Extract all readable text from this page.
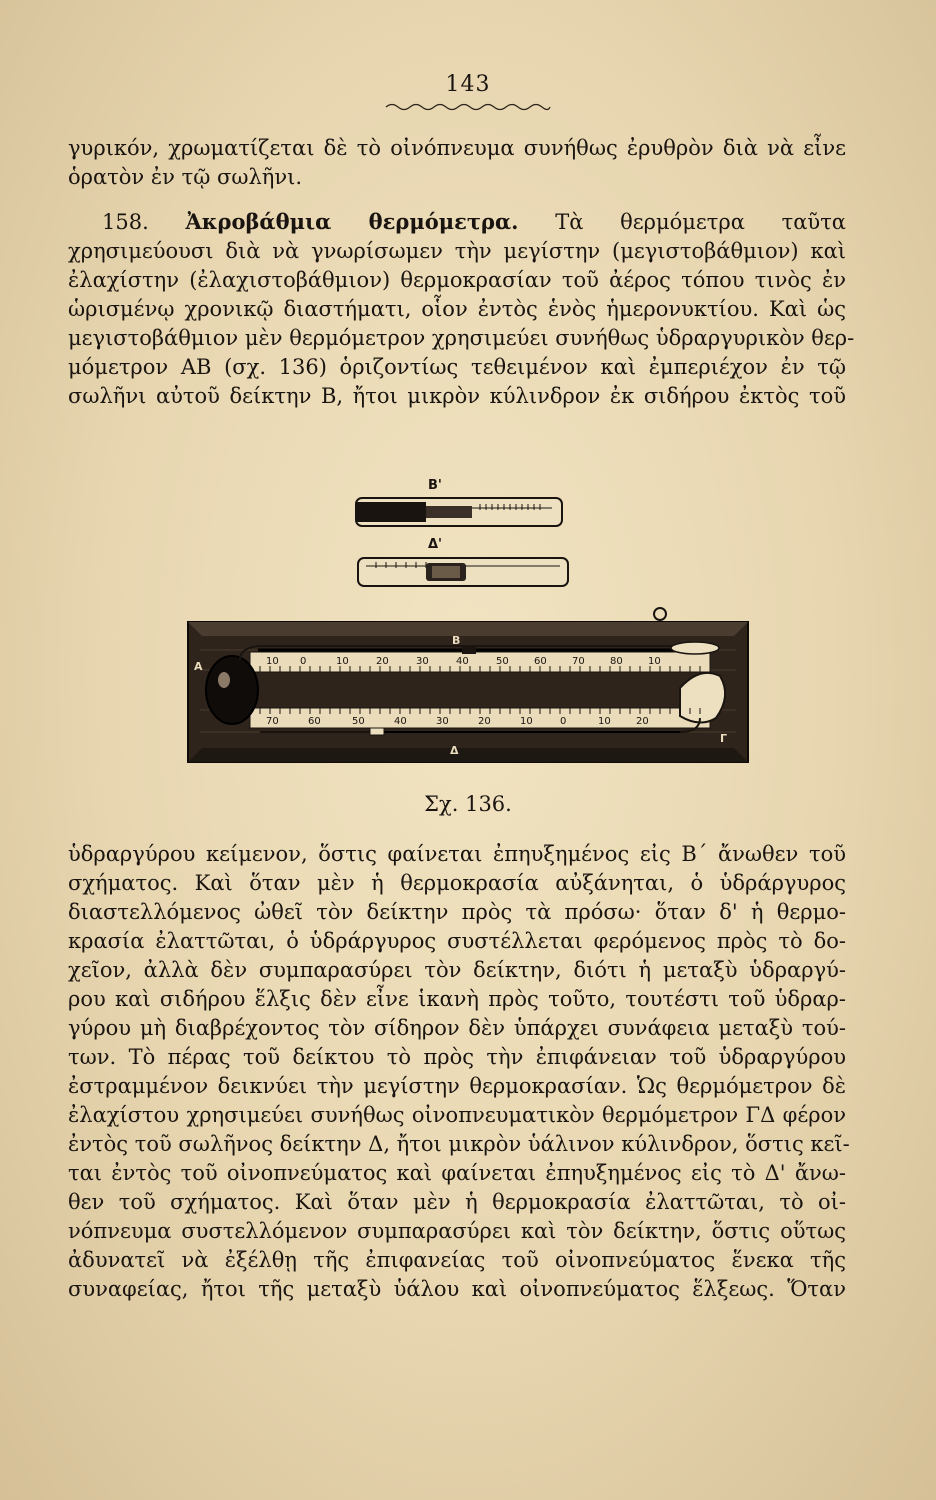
143
γυρικόν, χρωματίζεται δὲ τὸ οἰνόπνευμα συνήθως ἐρυθρὸν διὰ νὰ εἶνε
ὁρατὸν ἐν τῷ σωλῆνι.
158. Ἀκροβάθμια θερμόμετρα. Τὰ θερμόμετρα ταῦτα
χρησιμεύουσι διὰ νὰ γνωρίσωμεν τὴν μεγίστην (μεγιστοβάθμιον) καὶ
ἐλαχίστην (ἐλαχιστοβάθμιον) θερμοκρασίαν τοῦ ἀέρος τόπου τινὸς ἐν
ὡρισμένῳ χρονικῷ διαστήματι, οἷον ἐντὸς ἑνὸς ἡμερονυκτίου. Καὶ ὡς
μεγιστοβάθμιον μὲν θερμόμετρον χρησιμεύει συνήθως ὑδραργυρικὸν θερ-
μόμετρον ΑΒ (σχ. 136) ὁριζοντίως τεθειμένον καὶ ἐμπεριέχον ἐν τῷ
σωλῆνι αὐτοῦ δείκτην Β, ἤτοι μικρὸν κύλινδρον ἐκ σιδήρου ἐκτὸς τοῦ
Β'
Δ'
10 0	10	20	30	40	50	60	70	80	10
70	60	50	40	30	20	10	0	10	20
Α
Β
Γ
Δ
Σχ. 136.
ὑδραργύρου κείμενον, ὅστις φαίνεται ἐπηυξημένος εἰς Β΄ ἄνωθεν τοῦ
σχήματος. Καὶ ὅταν μὲν ἡ θερμοκρασία αὐξάνηται, ὁ ὑδράργυρος
διαστελλόμενος ὠθεῖ τὸν δείκτην πρὸς τὰ πρόσω· ὅταν δ' ἡ θερμο-
κρασία ἐλαττῶται, ὁ ὑδράργυρος συστέλλεται φερόμενος πρὸς τὸ δο-
χεῖον, ἀλλὰ δὲν συμπαρασύρει τὸν δείκτην, διότι ἡ μεταξὺ ὑδραργύ-
ρου καὶ σιδήρου ἕλξις δὲν εἶνε ἱκανὴ πρὸς τοῦτο, τουτέστι τοῦ ὑδραρ-
γύρου μὴ διαβρέχοντος τὸν σίδηρον δὲν ὑπάρχει συνάφεια μεταξὺ τού-
των. Τὸ πέρας τοῦ δείκτου τὸ πρὸς τὴν ἐπιφάνειαν τοῦ ὑδραργύρου
ἐστραμμένον δεικνύει τὴν μεγίστην θερμοκρασίαν. Ὡς θερμόμετρον δὲ
ἐλαχίστου χρησιμεύει συνήθως οἰνοπνευματικὸν θερμόμετρον ΓΔ φέρον
ἐντὸς τοῦ σωλῆνος δείκτην Δ, ἤτοι μικρὸν ὑάλινον κύλινδρον, ὅστις κεῖ-
ται ἐντὸς τοῦ οἰνοπνεύματος καὶ φαίνεται ἐπηυξημένος εἰς τὸ Δ' ἄνω-
θεν τοῦ σχήματος. Καὶ ὅταν μὲν ἡ θερμοκρασία ἐλαττῶται, τὸ οἰ-
νόπνευμα συστελλόμενον συμπαρασύρει καὶ τὸν δείκτην, ὅστις οὕτως
ἀδυνατεῖ νὰ ἐξέλθῃ τῆς ἐπιφανείας τοῦ οἰνοπνεύματος ἕνεκα τῆς
συναφείας, ἤτοι τῆς μεταξὺ ὑάλου καὶ οἰνοπνεύματος ἕλξεως. Ὅταν
